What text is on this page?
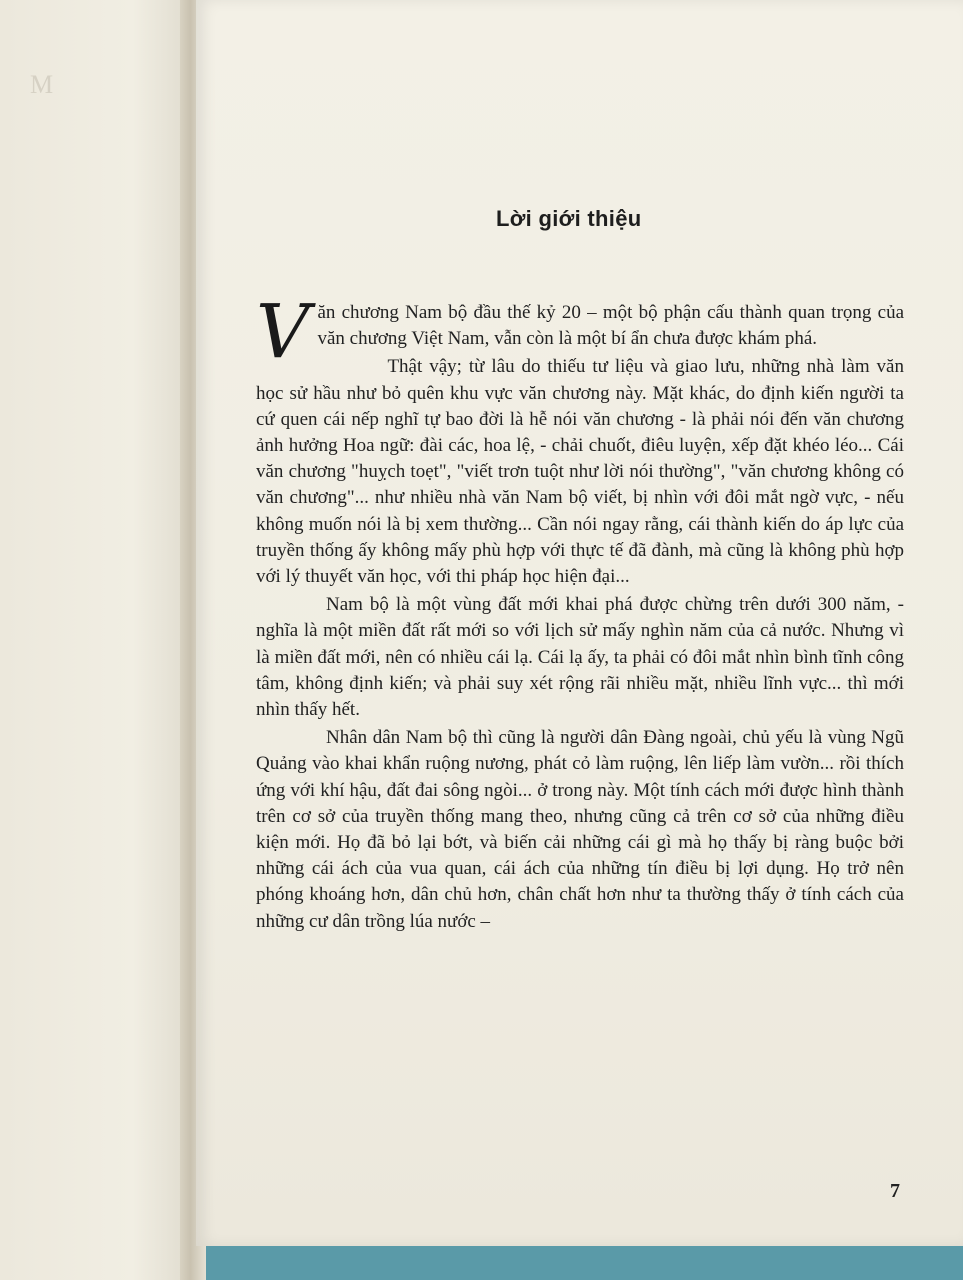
M
Lời giới thiệu

Văn chương Nam bộ đầu thế kỷ 20 – một bộ phận cấu thành quan trọng của văn chương Việt Nam, vẫn còn là một bí ẩn chưa được khám phá.

Thật vậy; từ lâu do thiếu tư liệu và giao lưu, những nhà làm văn học sử hầu như bỏ quên khu vực văn chương này. Mặt khác, do định kiến người ta cứ quen cái nếp nghĩ tự bao đời là hễ nói văn chương - là phải nói đến văn chương ảnh hưởng Hoa ngữ: đài các, hoa lệ, - chải chuốt, điêu luyện, xếp đặt khéo léo... Cái văn chương "huỵch toẹt", "viết trơn tuột như lời nói thường", "văn chương không có văn chương"... như nhiều nhà văn Nam bộ viết, bị nhìn với đôi mắt ngờ vực, - nếu không muốn nói là bị xem thường... Cần nói ngay rằng, cái thành kiến do áp lực của truyền thống ấy không mấy phù hợp với thực tế đã đành, mà cũng là không phù hợp với lý thuyết văn học, với thi pháp học hiện đại...

Nam bộ là một vùng đất mới khai phá được chừng trên dưới 300 năm, - nghĩa là một miền đất rất mới so với lịch sử mấy nghìn năm của cả nước. Nhưng vì là miền đất mới, nên có nhiều cái lạ. Cái lạ ấy, ta phải có đôi mắt nhìn bình tĩnh công tâm, không định kiến; và phải suy xét rộng rãi nhiều mặt, nhiều lĩnh vực... thì mới nhìn thấy hết.

Nhân dân Nam bộ thì cũng là người dân Đàng ngoài, chủ yếu là vùng Ngũ Quảng vào khai khẩn ruộng nương, phát cỏ làm ruộng, lên liếp làm vườn... rồi thích ứng với khí hậu, đất đai sông ngòi... ở trong này. Một tính cách mới được hình thành trên cơ sở của truyền thống mang theo, nhưng cũng cả trên cơ sở của những điều kiện mới. Họ đã bỏ lại bớt, và biến cải những cái gì mà họ thấy bị ràng buộc bởi những cái ách của vua quan, cái ách của những tín điều bị lợi dụng. Họ trở nên phóng khoáng hơn, dân chủ hơn, chân chất hơn như ta thường thấy ở tính cách của những cư dân trồng lúa nước –

7
